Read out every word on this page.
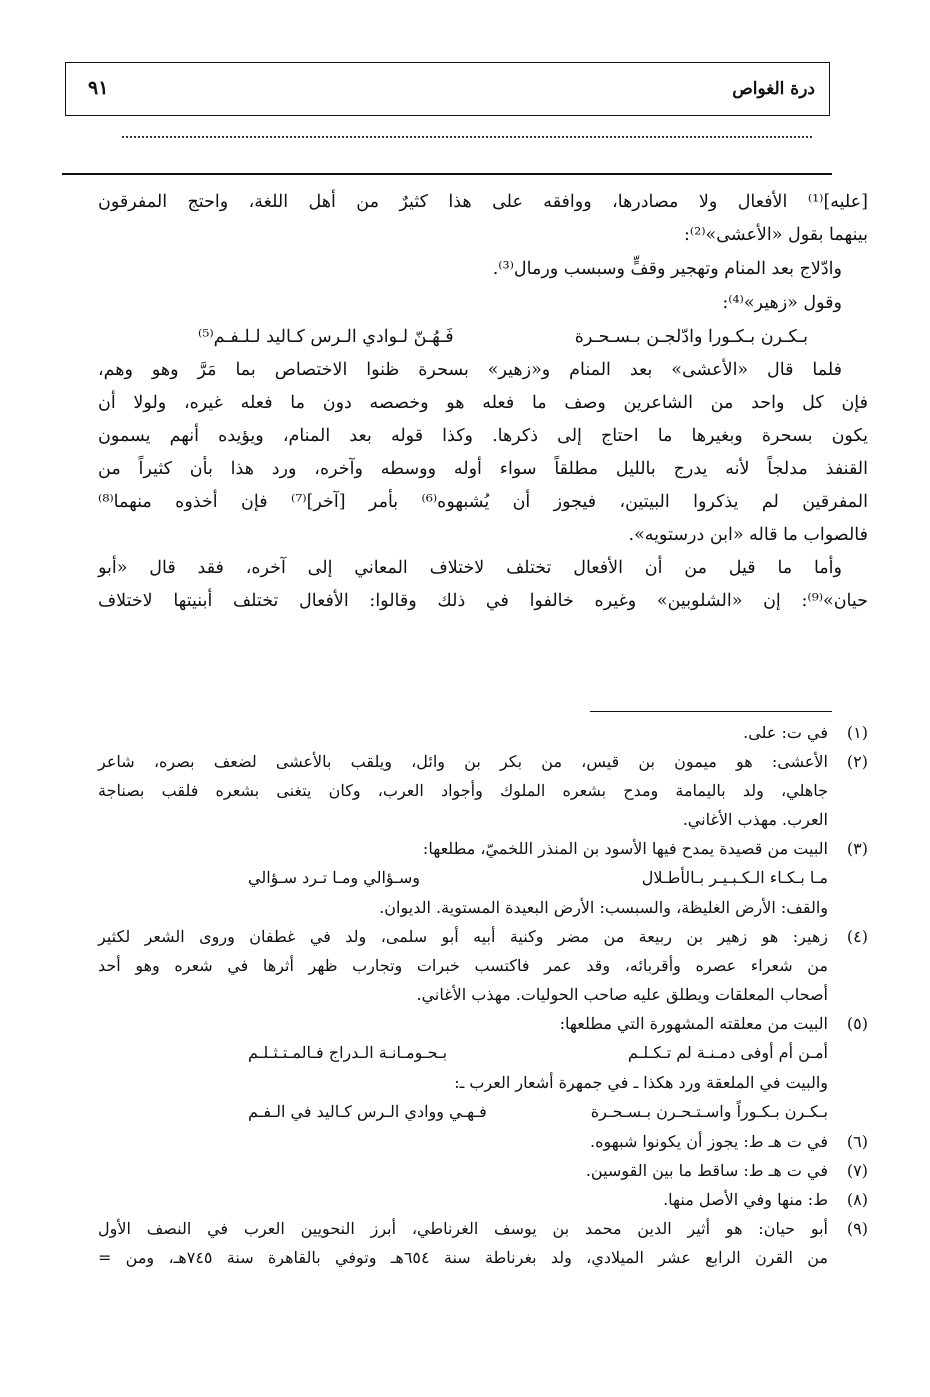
درة الغواص
٩١

[عليه]⁽¹⁾ الأفعال ولا مصادرها، ووافقه على هذا كثيرٌ من أهل اللغة، واحتج المفرقون

بينهما بقول «الأعشى»⁽²⁾:

وادّلاج بعد المنام وتهجير وقفٍّ وسبسب ورمال⁽³⁾.

وقول «زهير»⁽⁴⁾:

بـكـرن بـكـورا وادّلجـن بـسـحـرة
فَـهُـنّ لـوادي الـرس كـاليد لـلـفـم⁽⁵⁾

فلما قال «الأعشى» بعد المنام و«زهير» بسحرة ظنوا الاختصاص بما مَرَّ وهو وهم،

فإن كل واحد من الشاعرين وصف ما فعله هو وخصصه دون ما فعله غيره، ولولا أن

يكون بسحرة وبغيرها ما احتاج إلى ذكرها. وكذا قوله بعد المنام، ويؤيده أنهم يسمون

القنفذ مدلجاً لأنه يدرج بالليل مطلقاً سواء أوله ووسطه وآخره، ورد هذا بأن كثيراً من

المفرقين لم يذكروا البيتين، فيجوز أن يُشبهوه⁽⁶⁾ بأمر [آخر]⁽⁷⁾ فإن أخذوه منهما⁽⁸⁾

فالصواب ما قاله «ابن درستويه».

وأما ما قيل من أن الأفعال تختلف لاختلاف المعاني إلى آخره، فقد قال «أبو

حيان»⁽⁹⁾: إن «الشلوبين» وغيره خالفوا في ذلك وقالوا: الأفعال تختلف أبنيتها لاختلاف

(١)

في ت: على.

(٢)

الأعشى: هو ميمون بن قيس، من بكر بن وائل، ويلقب بالأعشى لضعف بصره، شاعر

جاهلي، ولد باليمامة ومدح بشعره الملوك وأجواد العرب، وكان يتغنى بشعره فلقب بصناجة

العرب. مهذب الأغاني.

(٣)

البيت من قصيدة يمدح فيها الأسود بن المنذر اللخميّ، مطلعها:

مـا بـكـاء الـكـبـيـر بـالأطـلال
وسـؤالي ومـا تـرد سـؤالي

والقف: الأرض الغليظة، والسبسب: الأرض البعيدة المستوية. الديوان.

(٤)

زهير: هو زهير بن ربيعة من مضر وكنية أبيه أبو سلمى، ولد في غطفان وروى الشعر لكثير

من شعراء عصره وأقربائه، وقد عمر فاكتسب خبرات وتجارب ظهر أثرها في شعره وهو أحد

أصحاب المعلقات ويطلق عليه صاحب الحوليات. مهذب الأغاني.

(٥)

البيت من معلقته المشهورة التي مطلعها:

أمـن أم أوفى دمـنـة لم تـكـلـم
بـحـومـانـة الـدراج فـالمـتـثـلـم

والبيت في الملعقة ورد هكذا ـ في جمهرة أشعار العرب ـ:

بـكـرن بـكـوراً واسـتـحـرن بـسـحـرة
فـهـي ووادي الـرس كـاليد في الـفـم
(٦)

في ت هـ ط: يجوز أن يكونوا شبهوه.

(٧)

في ت هـ ط: ساقط ما بين القوسين.

(٨)

ط: منها وفي الأصل منها.

(٩)

أبو حيان: هو أثير الدين محمد بن يوسف الغرناطي، أبرز النحويين العرب في النصف الأول

من القرن الرابع عشر الميلادي، ولد بغرناطة سنة ٦٥٤هـ وتوفي بالقاهرة سنة ٧٤٥هـ، ومن =
